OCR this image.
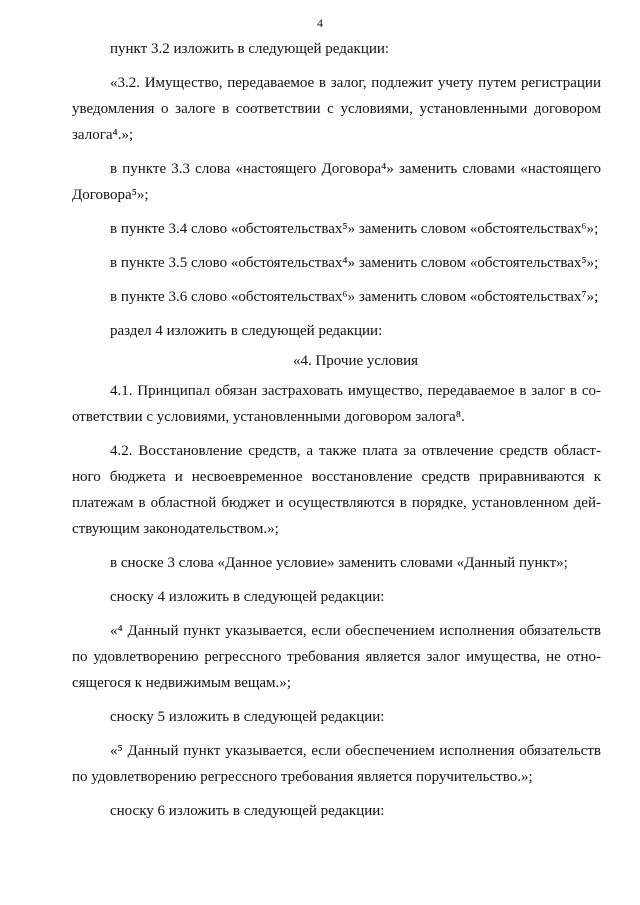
4

пункт 3.2 изложить в следующей редакции:

«3.2. Имущество, передаваемое в залог, подлежит учету путем регистрации уведомления о залоге в соответствии с условиями, установленными договором залога⁴.»;

в пункте 3.3 слова «настоящего Договора⁴» заменить словами «настоящего Договора⁵»;

в пункте 3.4 слово «обстоятельствах⁵» заменить словом «обстоятельствах⁶»;

в пункте 3.5 слово «обстоятельствах⁴» заменить словом «обстоятельствах⁵»;

в пункте 3.6 слово «обстоятельствах⁶» заменить словом «обстоятельствах⁷»;

раздел 4 изложить в следующей редакции:

«4. Прочие условия

4.1. Принципал обязан застраховать имущество, передаваемое в залог в соответствии с условиями, установленными договором залога⁸.

4.2. Восстановление средств, а также плата за отвлечение средств областного бюджета и несвоевременное восстановление средств приравниваются к платежам в областной бюджет и осуществляются в порядке, установленном действующим законодательством.»;

в сноске 3 слова «Данное условие» заменить словами «Данный пункт»;

сноску 4 изложить в следующей редакции:

«⁴ Данный пункт указывается, если обеспечением исполнения обязательств по удовлетворению регрессного требования является залог имущества, не относящегося к недвижимым вещам.»;

сноску 5 изложить в следующей редакции:

«⁵ Данный пункт указывается, если обеспечением исполнения обязательств по удовлетворению регрессного требования является поручительство.»;

сноску 6 изложить в следующей редакции:
